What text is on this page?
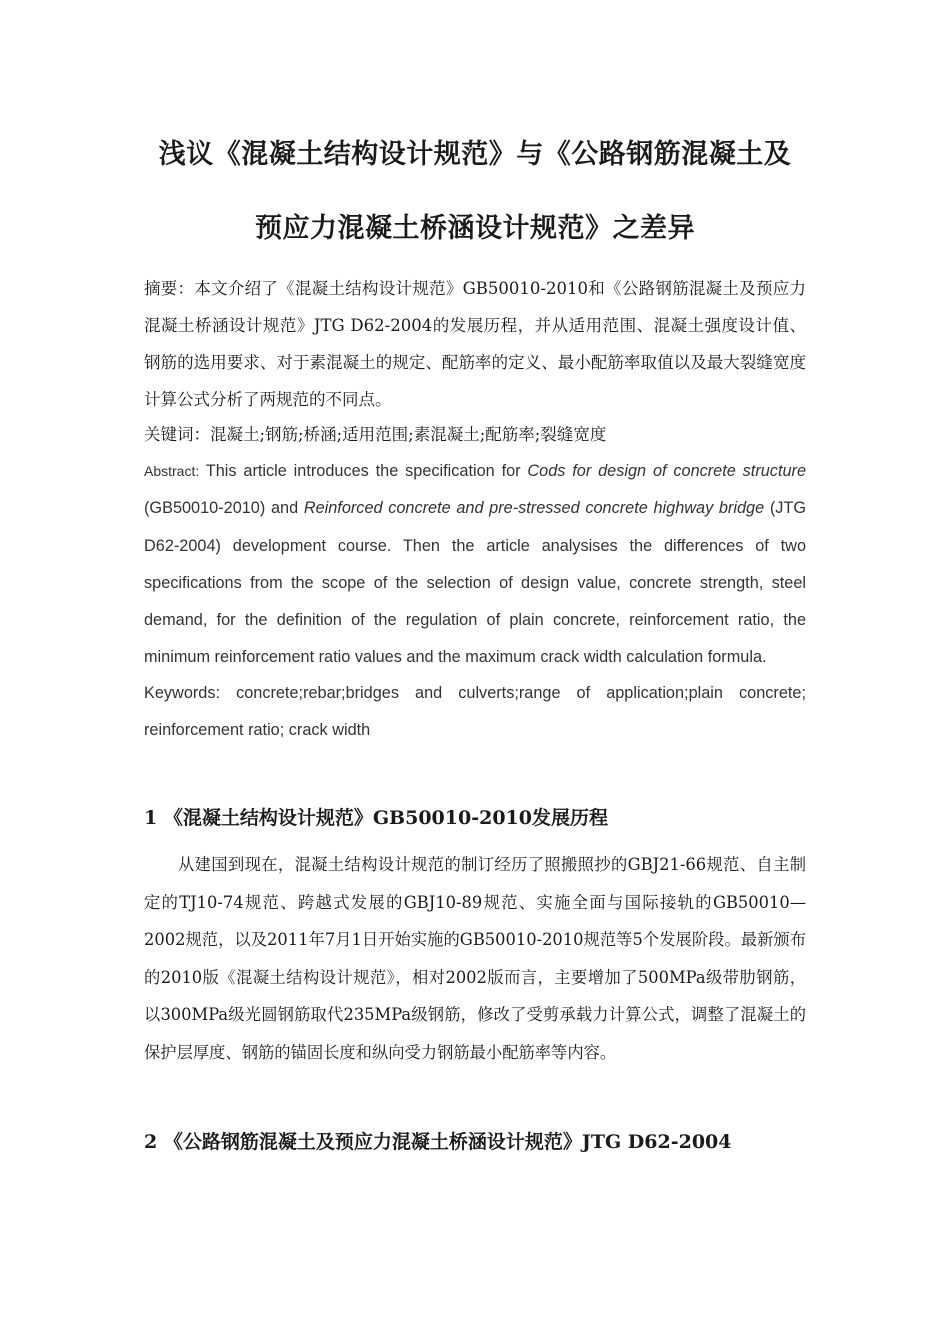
浅议《混凝土结构设计规范》与《公路钢筋混凝土及
预应力混凝土桥涵设计规范》之差异
摘要：本文介绍了《混凝土结构设计规范》GB50010-2010和《公路钢筋混凝土及预应力混凝土桥涵设计规范》JTG D62-2004的发展历程，并从适用范围、混凝土强度设计值、钢筋的选用要求、对于素混凝土的规定、配筋率的定义、最小配筋率取值以及最大裂缝宽度计算公式分析了两规范的不同点。
关键词：混凝土;钢筋;桥涵;适用范围;素混凝土;配筋率;裂缝宽度
Abstract: This article introduces the specification for Cods for design of concrete structure (GB50010-2010) and Reinforced concrete and pre-stressed concrete highway bridge (JTG D62-2004) development course. Then the article analysises the differences of two specifications from the scope of the selection of design value, concrete strength, steel demand, for the definition of the regulation of plain concrete, reinforcement ratio, the minimum reinforcement ratio values and the maximum crack width calculation formula.
Keywords: concrete;rebar;bridges and culverts;range of application;plain concrete; reinforcement ratio; crack width
1 《混凝土结构设计规范》GB50010-2010发展历程
从建国到现在，混凝土结构设计规范的制订经历了照搬照抄的GBJ21-66规范、自主制定的TJ10-74规范、跨越式发展的GBJ10-89规范、实施全面与国际接轨的GB50010—2002规范，以及2011年7月1日开始实施的GB50010-2010规范等5个发展阶段。最新颁布的2010版《混凝土结构设计规范》，相对2002版而言，主要增加了500MPa级带肋钢筋，以300MPa级光圆钢筋取代235MPa级钢筋，修改了受剪承载力计算公式，调整了混凝土的保护层厚度、钢筋的锚固长度和纵向受力钢筋最小配筋率等内容。
2 《公路钢筋混凝土及预应力混凝土桥涵设计规范》JTG D62-2004
